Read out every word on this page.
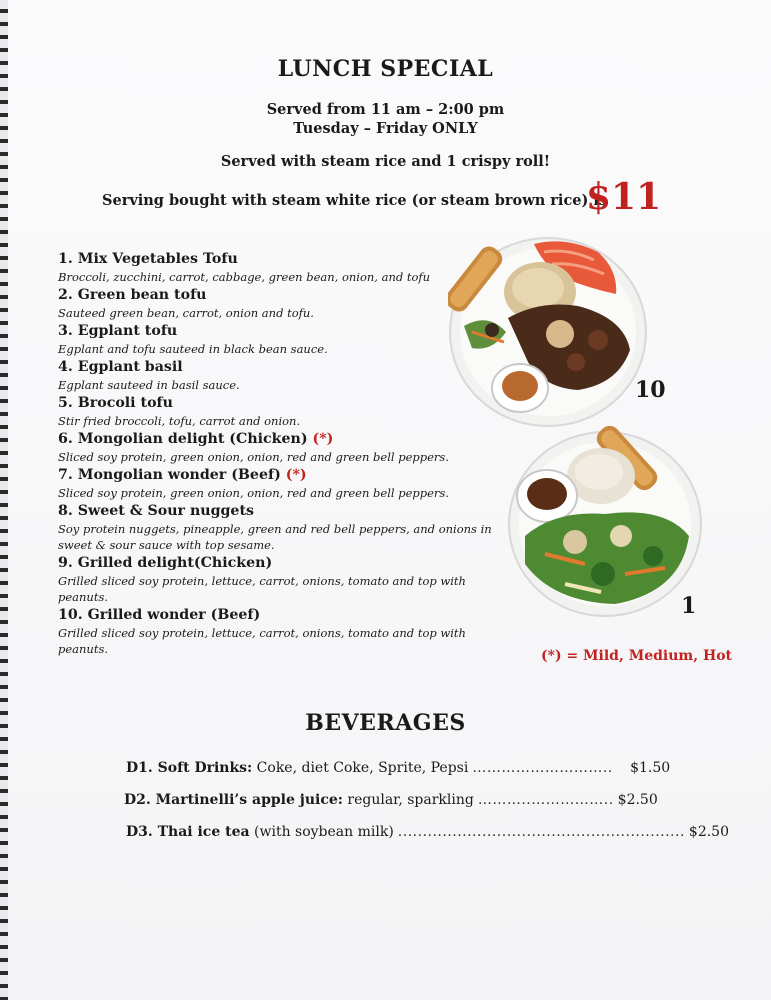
LUNCH SPECIAL
Served from 11 am – 2:00 pm
Tuesday – Friday ONLY
Served with steam rice and 1 crispy roll!
Serving bought with steam white rice (or steam brown rice) is
$11
1. Mix Vegetables Tofu
Broccoli, zucchini, carrot, cabbage, green bean, onion, and tofu
2. Green bean tofu
Sauteed green bean, carrot, onion and tofu.
3. Egplant tofu
Egplant and tofu sauteed in black bean sauce.
4. Egplant basil
Egplant sauteed in basil sauce.
5. Brocoli tofu
Stir fried broccoli, tofu, carrot and onion.
6. Mongolian delight (Chicken) (*)
Sliced soy protein, green onion, onion, red and green bell peppers.
7. Mongolian wonder (Beef) (*)
Sliced soy protein, green onion, onion, red and green bell peppers.
8. Sweet & Sour nuggets
Soy protein nuggets, pineapple, green and red bell peppers, and onions in sweet & sour sauce with top sesame.
9. Grilled delight(Chicken)
Grilled sliced soy protein, lettuce, carrot, onions, tomato and top with peanuts.
10. Grilled wonder (Beef)
Grilled sliced soy protein, lettuce, carrot, onions, tomato and top with peanuts.
10
1
(*) = Mild, Medium, Hot
BEVERAGES
D1. Soft Drinks:
Coke, diet Coke, Sprite, Pepsi ………………………..
$1.50
D2. Martinelli’s apple juice:
regular, sparkling ………..…………….. $2.50
D3. Thai ice tea
(with soybean milk) .......................................................... $2.50
